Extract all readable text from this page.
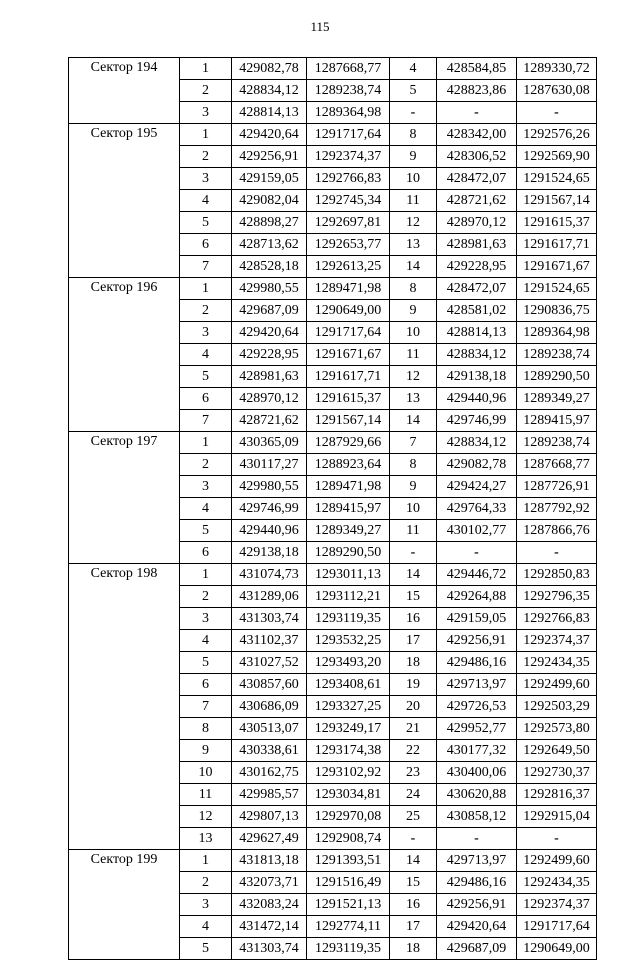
115
Сектор 194	1	429082,78	1287668,77	4	428584,85	1289330,72
	2	428834,12	1289238,74	5	428823,86	1287630,08
	3	428814,13	1289364,98	-	-	-
Сектор 195	1	429420,64	1291717,64	8	428342,00	1292576,26
	2	429256,91	1292374,37	9	428306,52	1292569,90
	3	429159,05	1292766,83	10	428472,07	1291524,65
	4	429082,04	1292745,34	11	428721,62	1291567,14
	5	428898,27	1292697,81	12	428970,12	1291615,37
	6	428713,62	1292653,77	13	428981,63	1291617,71
	7	428528,18	1292613,25	14	429228,95	1291671,67
Сектор 196	1	429980,55	1289471,98	8	428472,07	1291524,65
	2	429687,09	1290649,00	9	428581,02	1290836,75
	3	429420,64	1291717,64	10	428814,13	1289364,98
	4	429228,95	1291671,67	11	428834,12	1289238,74
	5	428981,63	1291617,71	12	429138,18	1289290,50
	6	428970,12	1291615,37	13	429440,96	1289349,27
	7	428721,62	1291567,14	14	429746,99	1289415,97
Сектор 197	1	430365,09	1287929,66	7	428834,12	1289238,74
	2	430117,27	1288923,64	8	429082,78	1287668,77
	3	429980,55	1289471,98	9	429424,27	1287726,91
	4	429746,99	1289415,97	10	429764,33	1287792,92
	5	429440,96	1289349,27	11	430102,77	1287866,76
	6	429138,18	1289290,50	-	-	-
Сектор 198	1	431074,73	1293011,13	14	429446,72	1292850,83
	2	431289,06	1293112,21	15	429264,88	1292796,35
	3	431303,74	1293119,35	16	429159,05	1292766,83
	4	431102,37	1293532,25	17	429256,91	1292374,37
	5	431027,52	1293493,20	18	429486,16	1292434,35
	6	430857,60	1293408,61	19	429713,97	1292499,60
	7	430686,09	1293327,25	20	429726,53	1292503,29
	8	430513,07	1293249,17	21	429952,77	1292573,80
	9	430338,61	1293174,38	22	430177,32	1292649,50
	10	430162,75	1293102,92	23	430400,06	1292730,37
	11	429985,57	1293034,81	24	430620,88	1292816,37
	12	429807,13	1292970,08	25	430858,12	1292915,04
	13	429627,49	1292908,74	-	-	-
Сектор 199	1	431813,18	1291393,51	14	429713,97	1292499,60
	2	432073,71	1291516,49	15	429486,16	1292434,35
	3	432083,24	1291521,13	16	429256,91	1292374,37
	4	431472,14	1292774,11	17	429420,64	1291717,64
	5	431303,74	1293119,35	18	429687,09	1290649,00
